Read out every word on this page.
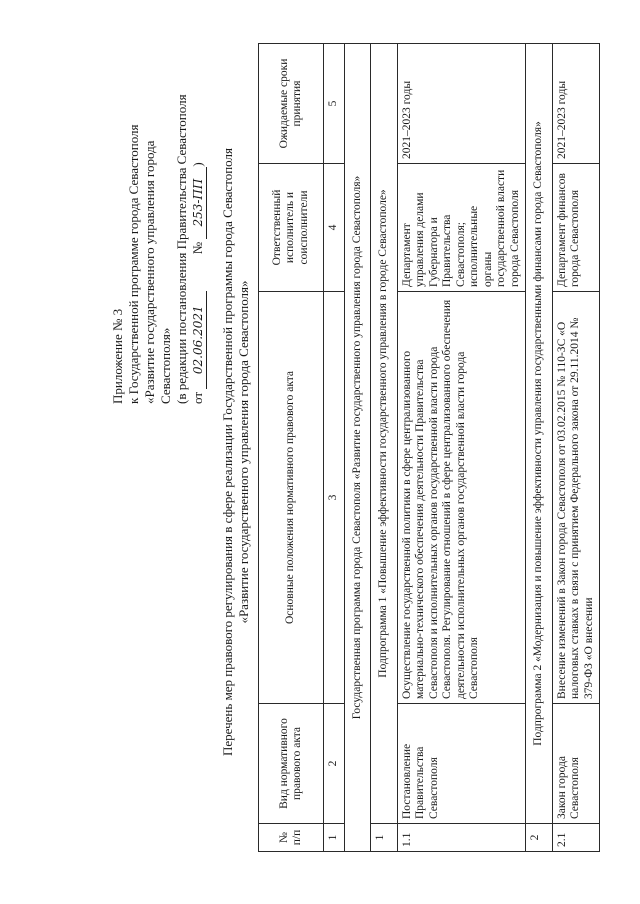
Приложение № 3 к Государственной программе города Севастополя «Развитие государственного управления города Севастополя» (в редакции постановления Правительства Севастополя от 02.06.2021  № 253-ПП) Перечень мер правового регулирования в сфере реализации Государственной программы города Севастополя «Развитие государственного управления города Севастополя»
№ п/п	Вид нормативного правового акта	Основные положения нормативного правового акта	Ответственный исполнитель и соисполнители	Ожидаемые сроки принятия
1	2	3	4	5
Государственная программа города Севастополя «Развитие государственного управления города Севастополя»				
1	Подпрограмма 1 «Повышение эффективности государственного управления в городе Севастополе»			
1.1	Постановление Правительства Севастополя	Осуществление государственной политики в сфере централизованного материально-технического обеспечения деятельности Правительства Севастополя и исполнительных органов государственной власти города Севастополя. Регулирование отношений в сфере централизованного обеспечения деятельности исполнительных органов государственной власти города Севастополя	Департамент управления делами Губернатора и Правительства Севастополя; исполнительные органы государственной власти города Севастополя	2021–2023 годы
2	Подпрограмма 2 «Модернизация и повышение эффективности управления государственными финансами города Севастополя»			
2.1	Закон города Севастополя	Внесение изменений в Закон города Севастополя от 03.02.2015 № 110-ЗС «О налоговых ставках в связи с принятием Федерального закона от 29.11.2014 № 379-ФЗ «О внесении	Департамент финансов города Севастополя	2021–2023 годы
